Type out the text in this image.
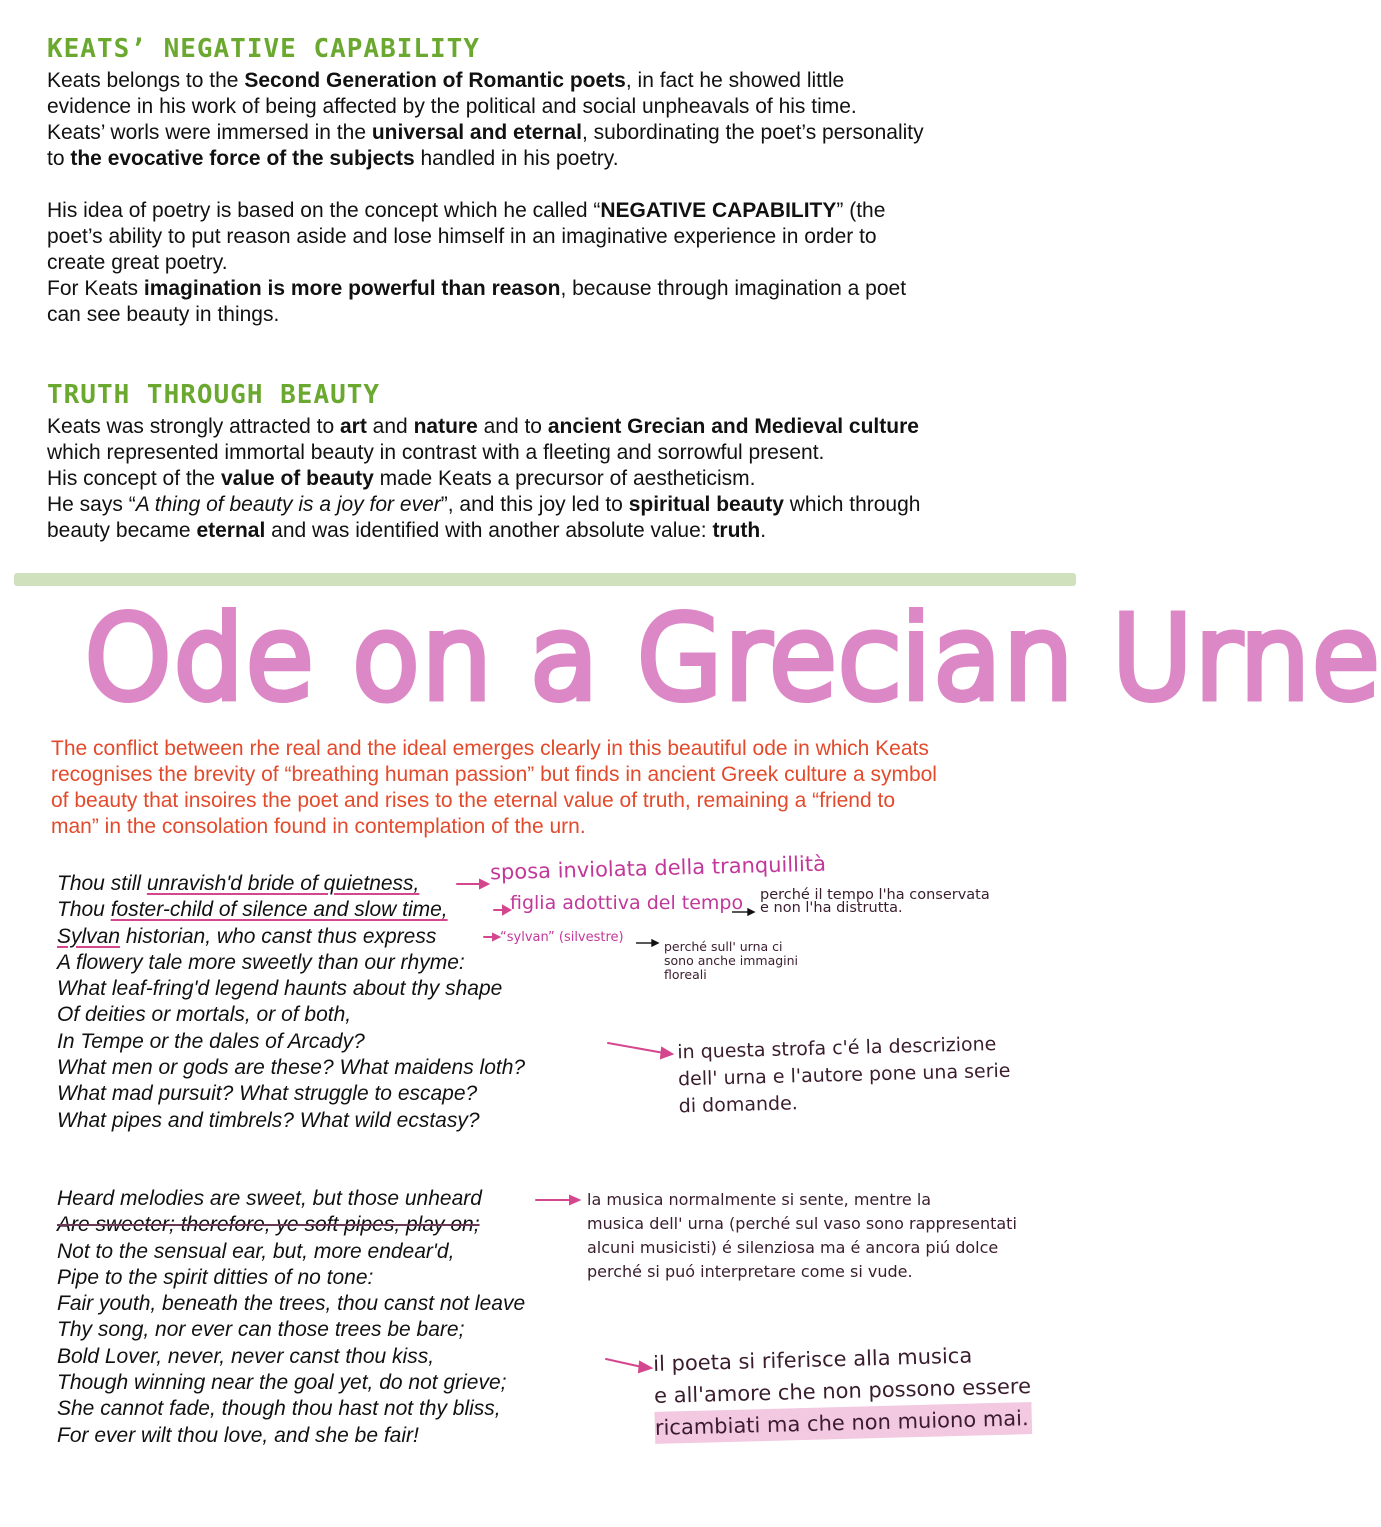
KEATS’ NEGATIVE CAPABILITY
Keats belongs to the Second Generation of Romantic poets, in fact he showed little
evidence in his work of being affected by the political and social unpheavals of his time.
Keats’ worls were immersed in the universal and eternal, subordinating the poet’s personality
to the evocative force of the subjects handled in his poetry.
His idea of poetry is based on the concept which he called “NEGATIVE CAPABILITY” (the
poet’s ability to put reason aside and lose himself in an imaginative experience in order to
create great poetry.
For Keats imagination is more powerful than reason, because through imagination a poet
can see beauty in things.
TRUTH THROUGH BEAUTY
Keats was strongly attracted to art and nature and to ancient Grecian and Medieval culture
which represented immortal beauty in contrast with a fleeting and sorrowful present.
His concept of the value of beauty made Keats a precursor of aestheticism.
He says “A thing of beauty is a joy for ever”, and this joy led to spiritual beauty which through
beauty became eternal and was identified with another absolute value: truth.
Ode on a Grecian Urne
The conflict between rhe real and the ideal emerges clearly in this beautiful ode in which Keats
recognises the brevity of “breathing human passion” but finds in ancient Greek culture a symbol
of beauty that insoires the poet and rises to the eternal value of truth, remaining a “friend to
man” in the consolation found in contemplation of the urn.
Thou still unravish'd bride of quietness,
Thou foster-child of silence and slow time,
Sylvan historian, who canst thus express
A flowery tale more sweetly than our rhyme:
What leaf-fring'd legend haunts about thy shape
Of deities or mortals, or of both,
In Tempe or the dales of Arcady?
What men or gods are these? What maidens loth?
What mad pursuit? What struggle to escape?
What pipes and timbrels? What wild ecstasy?
Heard melodies are sweet, but those unheard
Are sweeter; therefore, ye soft pipes, play on;
Not to the sensual ear, but, more endear'd,
Pipe to the spirit ditties of no tone:
Fair youth, beneath the trees, thou canst not leave
Thy song, nor ever can those trees be bare;
Bold Lover, never, never canst thou kiss,
Though winning near the goal yet, do not grieve;
She cannot fade, though thou hast not thy bliss,
For ever wilt thou love, and she be fair!
sposa inviolata della tranquillità
figlia adottiva del tempo perché il tempo l'ha conservata
e non l'ha distrutta.
“sylvan” (silvestre)
perché sull' urna ci
sono anche immagini
floreali
in questa strofa c'é la descrizione
dell' urna e l'autore pone una serie
di domande.
la musica normalmente si sente, mentre la
musica dell' urna (perché sul vaso sono rappresentati
alcuni musicisti) é silenziosa ma é ancora piú dolce
perché si puó interpretare come si vude.
il poeta si riferisce alla musica
e all'amore che non possono essere
ricambiati ma che non muiono mai.
